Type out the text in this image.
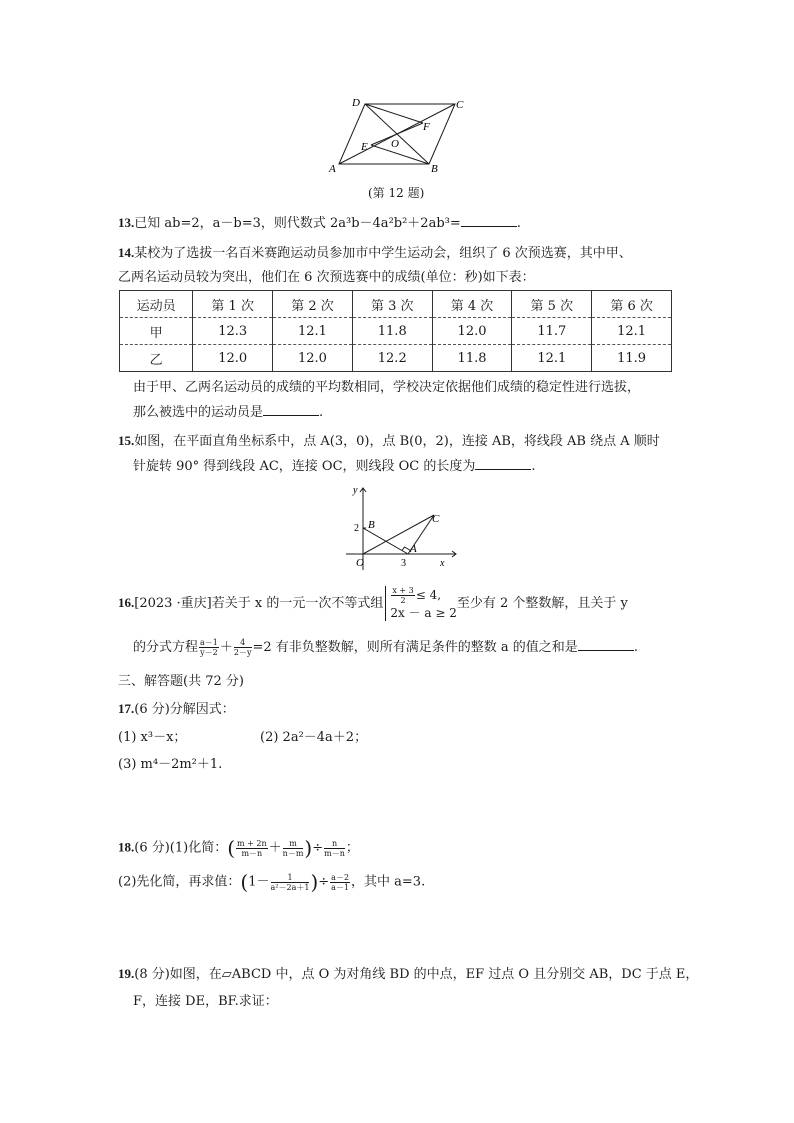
D	C
F
E O
A	B
(第 12 题)
13.已知 ab=2，a－b=3，则代数式 2a³b－4a²b²＋2ab³=	.
14.某校为了选拔一名百米赛跑运动员参加市中学生运动会，组织了 6 次预选赛，其中甲、
乙两名运动员较为突出，他们在 6 次预选赛中的成绩(单位：秒)如下表：
运动员	第 1 次	第 2 次	第 3 次	第 4 次	第 5 次	第 6 次
甲	12.3	12.1	11.8	12.0	11.7	12.1
乙	12.0	12.0	12.2	11.8	12.1	11.9
由于甲、乙两名运动员的成绩的平均数相同，学校决定依据他们成绩的稳定性进行选拔，
那么被选中的运动员是	.
15.如图，在平面直角坐标系中，点 A(3，0)，点 B(0，2)，连接 AB，将线段 AB 绕点 A 顺时
针旋转 90° 得到线段 AC，连接 OC，则线段 OC 的长度为	.
y
x
2 B	C
O
A
3
16.[2023 ·重庆]若关于 x 的一元一次不等式组 $\frac{x + 3}{2} \le 4$,
2x － a ≥ 2
至少有 2 个整数解，且关于 y
的分式方程 $\frac{a-1}{y-2} + \frac{4}{2-y} =2$ 有非负整数解，则所有满足条件的整数 a 的值之和是	.
三、解答题(共 72 分)
17.(6 分)分解因式：
(1) x³－x；	(2) 2a²－4a＋2；
(3) m⁴－2m²＋1.
18.(6 分)(1)化简：( $\frac{m + 2n}{m-n} + \frac{m}{n-m}$ )÷ $\frac{n}{m-n}$ ；
(2)先化简，再求值：($1- \frac{1}{\text{a²－2a＋1}}$ )÷ $\frac{a-2}{a-1}$ ，其中 a=3.
19.(8 分)如图，在▱ABCD 中，点 O 为对角线 BD 的中点，EF 过点 O 且分别交 AB，DC 于点 E，
F，连接 DE，BF.求证：
